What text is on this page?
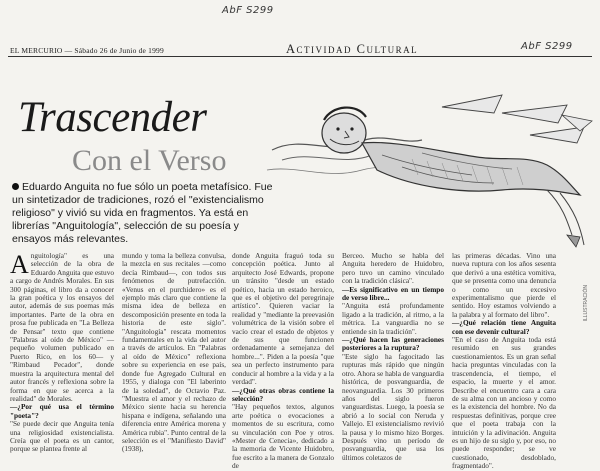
AbF S299
AbF S299
EL MERCURIO — Sábado 26 de Junio de 1999	Actividad Cultural
Trascender
Con el Verso
Eduardo Anguita no fue sólo un poeta metafísico. Fue un sintetizador de tradiciones, rozó el "existencialismo religioso" y vivió su vida en fragmentos. Ya está en librerías "Anguitología", selección de su poesía y ensayos más relevantes.
ILLUSTRACIÓN

Anguitología" es una selección de la obra de Eduardo Anguita que estuvo a cargo de Andrés Morales. En sus 300 páginas, el libro da a conocer la gran poética y los ensayos del autor, además de sus poemas más importantes. Parte de la obra en prosa fue publicada en "La Belleza de Pensar" texto que contiene "Palabras al oído de México" —pequeño volumen publicado en Puerto Rico, en los 60— y "Rimbaud Pecador", donde muestra la arquitectura mental del autor francés y reflexiona sobre la forma en que se acerca a la realidad" de Morales.

—¿Por qué usa el término "poeta"?

"Se puede decir que Anguita tenía una religiosidad existencialista. Creía que el poeta es un cantor, porque se plantea frente al

mundo y toma la belleza convulsa, la mezcla en sus recitales —como decía Rimbaud—, con todos sus fenómenos de putrefacción. «Venus en el purchidero» es el ejemplo más claro que contiene la misma idea de belleza en descomposición presente en toda la historia de este siglo". "Anguitología" rescata momentos fundamentales en la vida del autor a través de artículos. En "Palabras al oído de México" reflexiona sobre su experiencia en ese país, donde fue Agregado Cultural en 1955, y dialoga con "El laberinto de la soledad", de Octavio Paz. "Muestra el amor y el rechazo de México siente hacia su herencia hispana e indígena, señalando una diferencia entre América morena y América rubia". Punto central de la selección es el "Manifiesto David" (1938),

donde Anguita fraguó toda su concepción poética. Junto al arquitecto José Edwards, propone un tránsito "desde un estado poético, hacia un estado heroico, que es el objetivo del peregrinaje artístico". Quieren vaciar la realidad y "mediante la preevasión volumétrica de la visión sobre el vacío crear el estado de objetos y de sus que funcionen ordenadamente a semejanza del hombre...". Piden a la poesía "que sea un perfecto instrumento para conducir al hombre a la vida y a la verdad".

—¿Qué otras obras contiene la selección?

"Hay pequeños textos, algunos arte poética o evocaciones a momentos de su escritura, como su vinculación con Poe y otros. «Mester de Cenecia», dedicado a la memoria de Vicente Huidobro, fue escrito a la manera de Gonzalo de

Berceo. Mucho se habla del Anguita heredero de Huidobro, pero tuvo un camino vinculado con la tradición clásica".

—Es significativo en un tiempo de verso libre...

"Anguita está profundamente ligado a la tradición, al ritmo, a la métrica. La vanguardia no se entiende sin la tradición".

—¿Qué hacen las generaciones posteriores a la ruptura?

"Este siglo ha fagocitado las rupturas más rápido que ningún otro. Ahora se habla de vanguardia histórica, de posvanguardia, de neovanguardia. Los 30 primeros años del siglo fueron vanguardistas. Luego, la poesía se abrió a lo social con Neruda y Vallejo. El existencialismo revivió la pausa y lo mismo hizo Borges. Después vino un período de posvanguardia, que usa los últimos coletazos de

las primeras décadas. Vino una nueva ruptura con los años sesenta que derivó a una estética vomitiva, que se presenta como una denuncia o como un excesivo experimentalismo que pierde el sentido. Hoy estamos volviendo a la palabra y al formato del libro".

—¿Qué relación tiene Anguita con ese devenir cultural?

"En el caso de Anguita toda está resumido en sus grandes cuestionamientos. Es un gran señal hacia preguntas vinculadas con la trascendencia, el tiempo, el espacio, la muerte y el amor. Describe el encuentro cara a cara de su alma con un ancioso y como es la existencia del hombre. No da respuestas definitivas, porque cree que el poeta trabaja con la intuición y la adivinación. Anguita es un hijo de su siglo y, por eso, no puede responder; se ve cuestionado, desdoblado, fragmentado".
